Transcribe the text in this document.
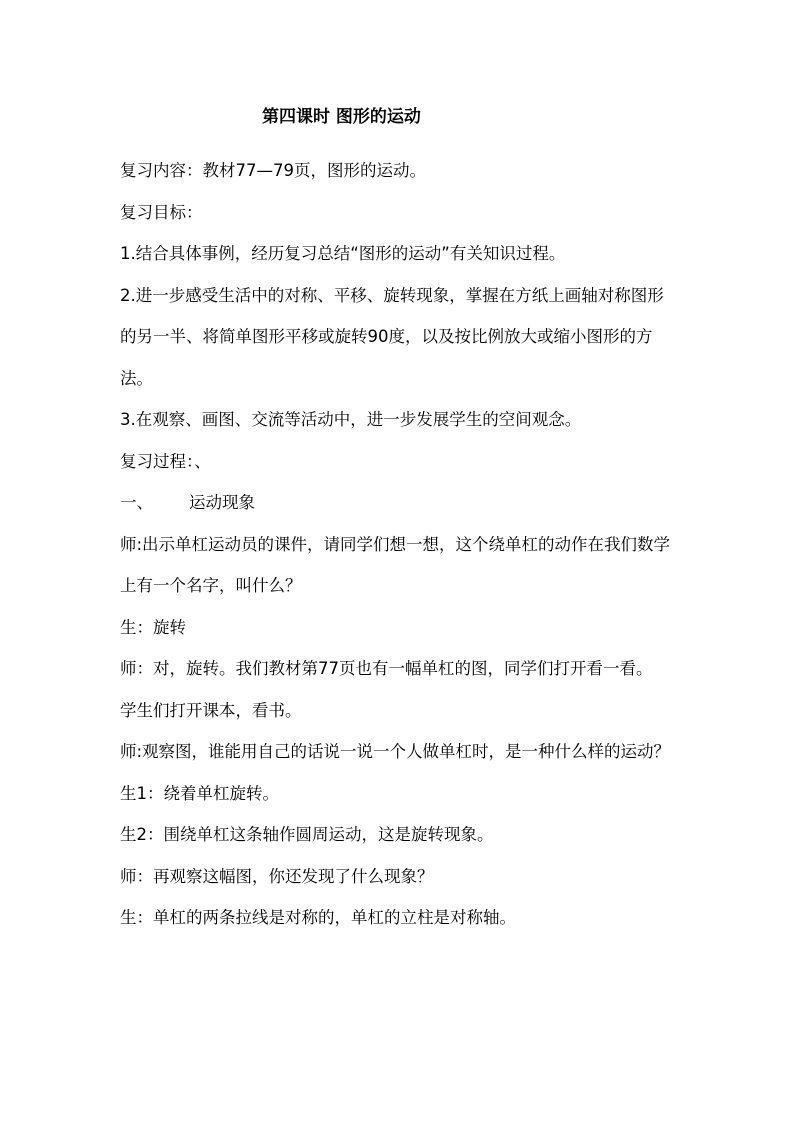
第四课时 图形的运动

复习内容：教材77—79页，图形的运动。

复习目标：

1.结合具体事例，经历复习总结“图形的运动”有关知识过程。

2.进一步感受生活中的对称、平移、旋转现象，掌握在方纸上画轴对称图形的另一半、将简单图形平移或旋转90度，以及按比例放大或缩小图形的方法。

3.在观察、画图、交流等活动中，进一步发展学生的空间观念。

复习过程：、

一、 运动现象

师:出示单杠运动员的课件，请同学们想一想，这个绕单杠的动作在我们数学上有一个名字，叫什么？

生：旋转

师：对，旋转。我们教材第77页也有一幅单杠的图，同学们打开看一看。

学生们打开课本，看书。

师:观察图，谁能用自己的话说一说一个人做单杠时，是一种什么样的运动？

生1：绕着单杠旋转。

生2：围绕单杠这条轴作圆周运动，这是旋转现象。

师：再观察这幅图，你还发现了什么现象？

生：单杠的两条拉线是对称的，单杠的立柱是对称轴。
